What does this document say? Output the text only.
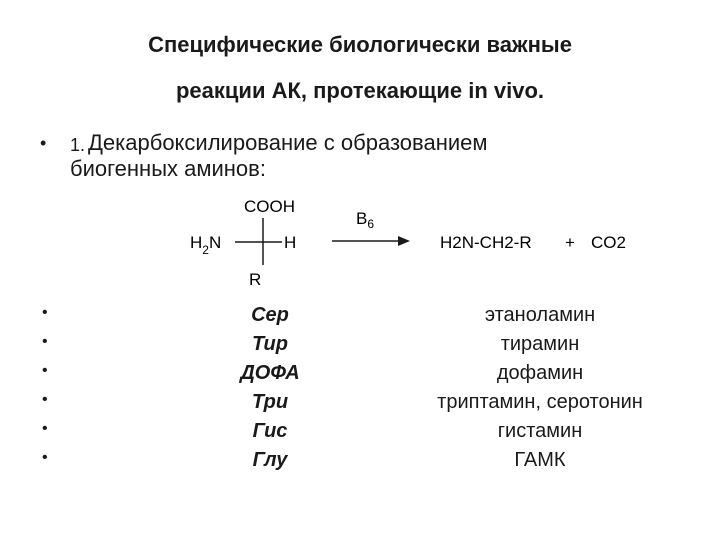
Специфические биологически важные
реакции АК, протекающие in vivo.
• 1. Декарбоксилирование с образованием
биогенных аминов:
COOH
$H_2N$	H
R
$B_6$
H2N-CH2-R + CO2
•	Сер	этаноламин
•	Тир	тирамин
•	ДОФА	дофамин
•	Три	триптамин, серотонин
•	Гис	гистамин
•	Глу	ГАМК
